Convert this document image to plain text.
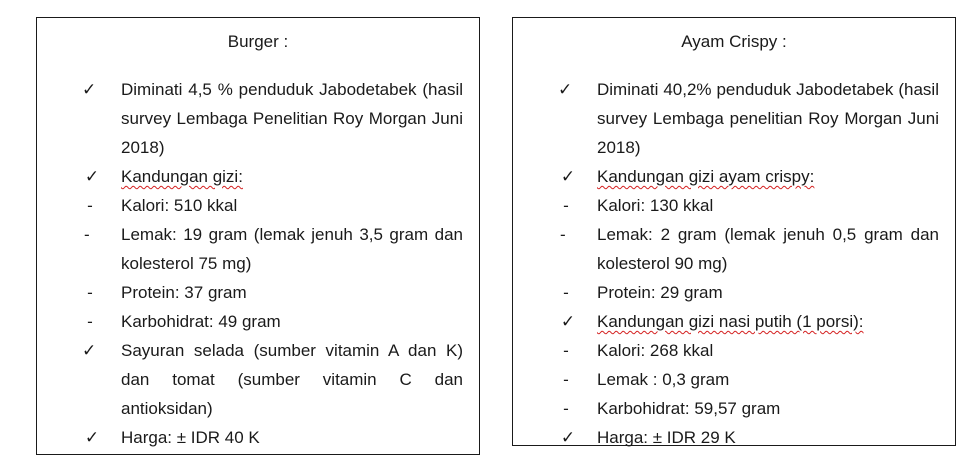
Burger :
✓	Diminati 4,5 % penduduk Jabodetabek (hasil survey Lembaga Penelitian Roy Morgan Juni 2018)
✓ Kandungan gizi:
- Kalori: 510 kkal
-	Lemak: 19 gram (lemak jenuh 3,5 gram dan kolesterol 75 mg)
- Protein: 37 gram
- Karbohidrat: 49 gram
✓	Sayuran selada (sumber vitamin A dan K) dan tomat (sumber vitamin C dan antioksidan)
✓ Harga: ± IDR 40 K
Ayam Crispy :
✓	Diminati 40,2% penduduk Jabodetabek (hasil survey Lembaga penelitian Roy Morgan Juni 2018)
✓ Kandungan gizi ayam crispy:
- Kalori: 130 kkal
-	Lemak: 2 gram (lemak jenuh 0,5 gram dan kolesterol 90 mg)
- Protein: 29 gram
✓ Kandungan gizi nasi putih (1 porsi):
- Kalori: 268 kkal
- Lemak : 0,3 gram
- Karbohidrat: 59,57 gram
✓ Harga: ± IDR 29 K
